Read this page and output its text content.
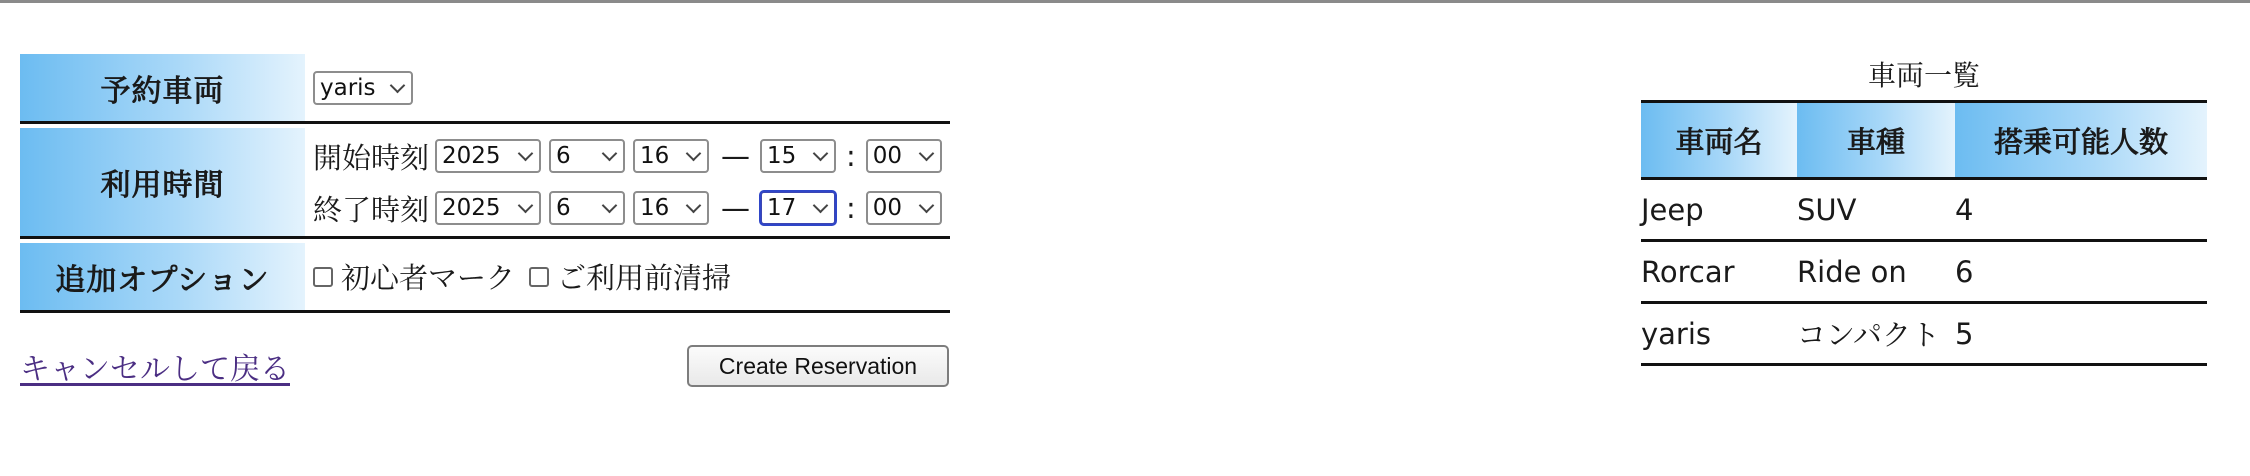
予約車両	yaris
利用時間
開始時刻 2025 6	16 — 15 : 00
終了時刻 2025 6	16 — 17 : 00
追加オプション	初心者マーク ご利用前清掃
キャンセルして戻る	Create Reservation
車両一覧
車両名	車種	搭乗可能人数
Jeep	SUV	4
Rorcar	Ride on	6
yaris	コンパクト 5
